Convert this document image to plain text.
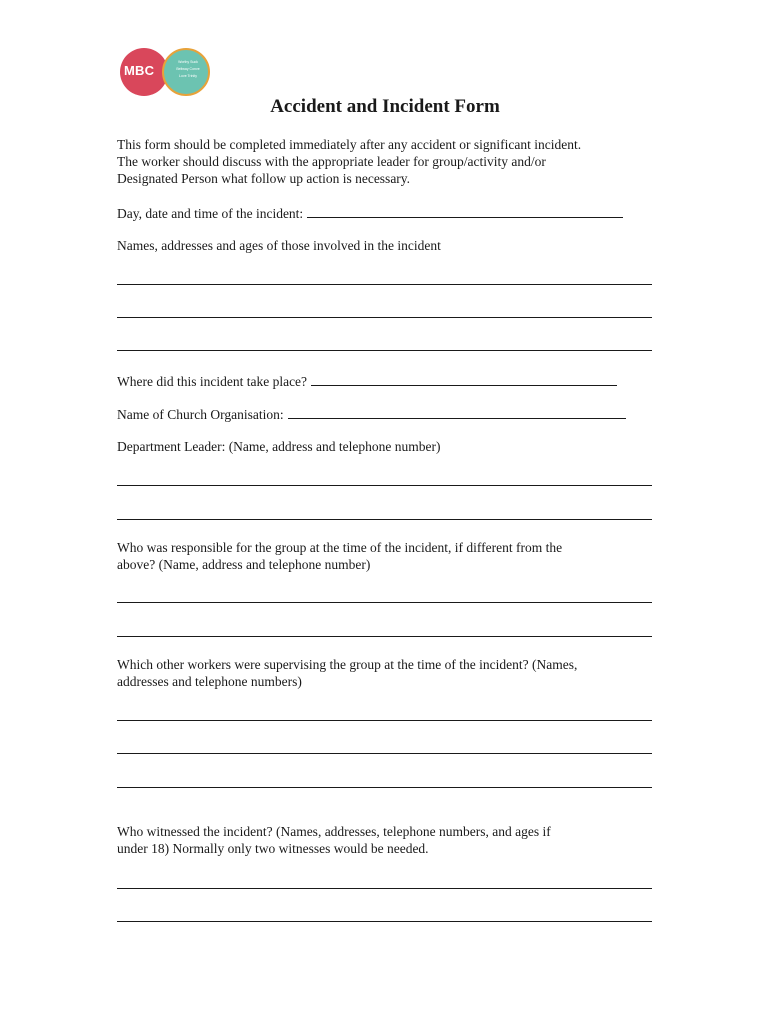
MBC
Worthy Suck
Beltway Conve
Love Trinity
Accident and Incident Form
This form should be completed immediately after any accident or significant incident.
The worker should discuss with the appropriate leader for group/activity and/or
Designated Person what follow up action is necessary.
Day, date and time of the incident:
Names, addresses and ages of those involved in the incident
Where did this incident take place?
Name of Church Organisation:
Department Leader: (Name, address and telephone number)
Who was responsible for the group at the time of the incident, if different from the
above? (Name, address and telephone number)
Which other workers were supervising the group at the time of the incident? (Names,
addresses and telephone numbers)
Who witnessed the incident? (Names, addresses, telephone numbers, and ages if
under 18) Normally only two witnesses would be needed.
